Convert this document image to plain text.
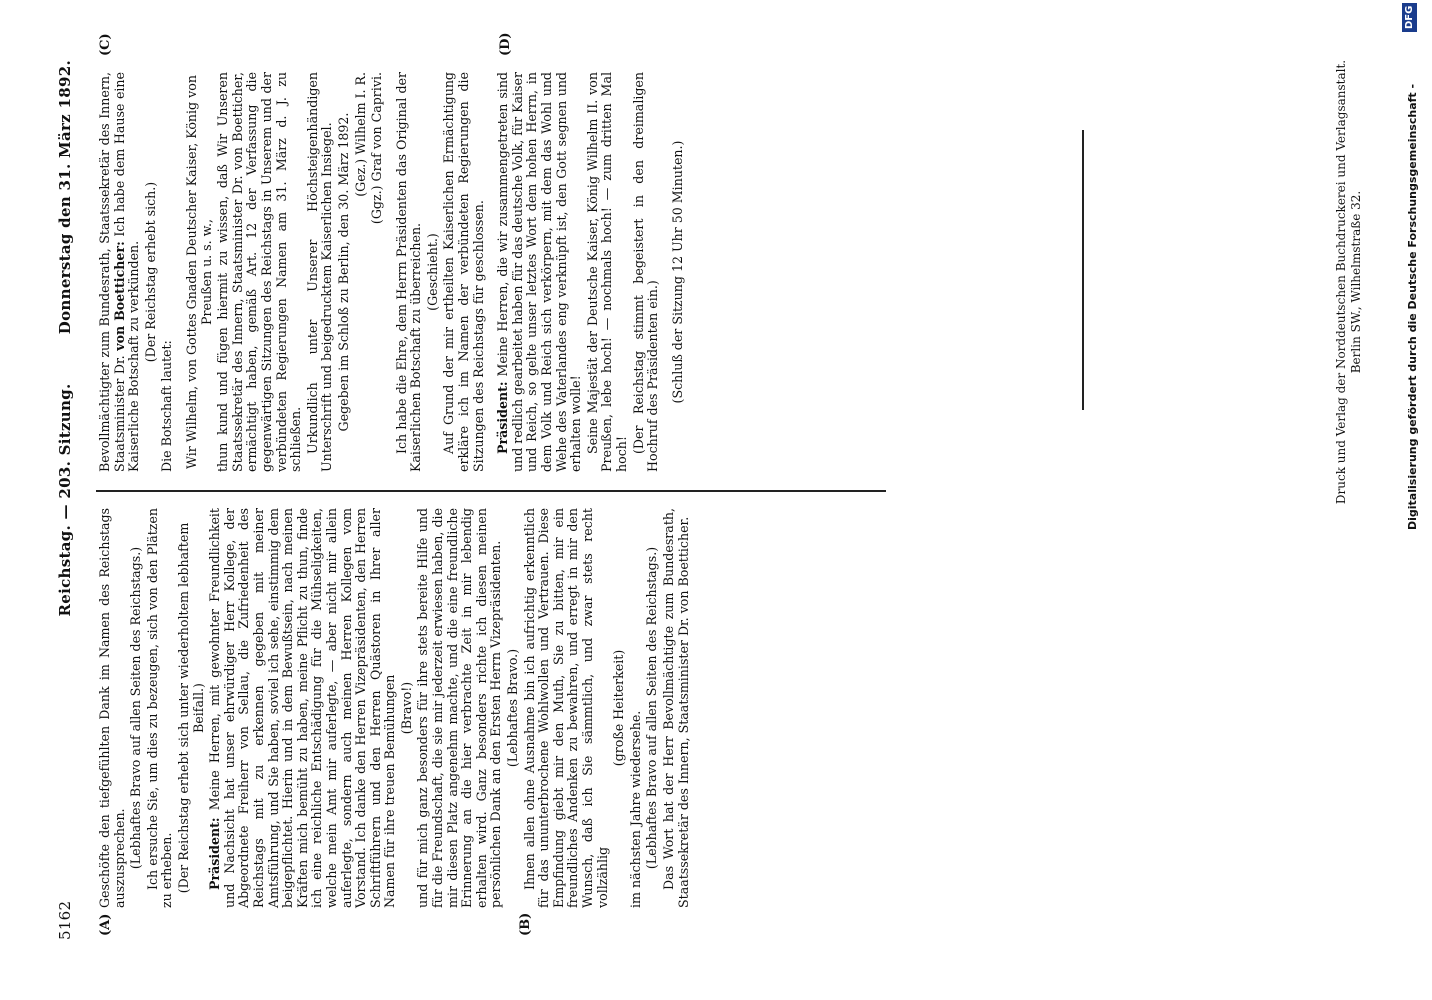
5162
Reichstag. — 203. Sitzung.
Donnerstag den 31. März 1892.
(A)	(B)
(C)	(D)

Geschöfte den tiefgefühlten Dank im Namen des Reichstags auszusprechen. (Lebhaftes Bravo auf allen Seiten des Reichstags.) Ich ersuche Sie, um dies zu bezeugen, sich von den Plätzen zu erheben. (Der Reichstag erhebt sich unter wiederholtem lebhaftem Beifall.)

Präsident: Meine Herren, mit gewohnter Freundlichkeit und Nachsicht hat unser ehrwürdiger Herr Kollege, der Abgeordnete Freiherr von Sellau, die Zufriedenheit des Reichstags mit zu erkennen gegeben mit meiner Amtsführung, und Sie haben, soviel ich sehe, einstimmig dem beigepflichtet. Hierin und in dem Bewußtsein, nach meinen Kräften mich bemüht zu haben, meine Pflicht zu thun, finde ich eine reichliche Entschädigung für die Mühseligkeiten, welche mein Amt mir auferlegte, — aber nicht mir allein auferlegte, sondern auch meinen Herren Kollegen vom Vorstand. Ich danke den Herren Vizepräsidenten, den Herren Schriftführern und den Herren Quästoren in Ihrer aller Namen für ihre treuen Bemühungen (Bravo!) und für mich ganz besonders für ihre stets bereite Hilfe und für die Freundschaft, die sie mir jederzeit erwiesen haben, die mir diesen Platz angenehm machte, und die eine freundliche Erinnerung an die hier verbrachte Zeit in mir lebendig erhalten wird. Ganz besonders richte ich diesen meinen persönlichen Dank an den Ersten Herrn Vizepräsidenten. (Lebhaftes Bravo.) Ihnen allen ohne Ausnahme bin ich aufrichtig erkenntlich für das ununterbrochene Wohlwollen und Vertrauen. Diese Empfindung giebt mir den Muth, Sie zu bitten, mir ein freundliches Andenken zu bewahren, und erregt in mir den Wunsch, daß ich Sie sämmtlich, und zwar stets recht vollzählig

(große Heiterkeit)

im nächsten Jahre wiedersehe. (Lebhaftes Bravo auf allen Seiten des Reichstags.) Das Wort hat der Herr Bevollmächtigte zum Bundesrath, Staatssekretär des Innern, Staatsminister Dr. von Boetticher.

Bevollmächtigter zum Bundesrath, Staatssekretär des Innern, Staatsminister Dr. von Boetticher: Ich habe dem Hause eine Kaiserliche Botschaft zu verkünden. (Der Reichstag erhebt sich.)

Die Botschaft lautet: Wir Wilhelm, von Gottes Gnaden Deutscher Kaiser, König von Preußen u. s. w., thun kund und fügen hiermit zu wissen, daß Wir Unseren Staatssekretär des Innern, Staatsminister Dr. von Boetticher, ermächtigt haben, gemäß Art. 12 der Verfassung die gegenwärtigen Sitzungen des Reichstags in Unserem und der verbündeten Regierungen Namen am 31. März d. J. zu schließen. Urkundlich unter Unserer Höchsteigenhändigen Unterschrift und beigedrucktem Kaiserlichen Insiegel. Gegeben im Schloß zu Berlin, den 30. März 1892. (Gez.) Wilhelm I. R. (Ggz.) Graf von Caprivi. Ich habe die Ehre, dem Herrn Präsidenten das Original der Kaiserlichen Botschaft zu überreichen. (Geschieht.) Auf Grund der mir ertheilten Kaiserlichen Ermächtigung erkläre ich im Namen der verbündeten Regierungen die Sitzungen des Reichstags für geschlossen. Präsident: Meine Herren, die wir zusammengetreten sind und redlich gearbeitet haben für das deutsche Volk, für Kaiser und Reich, so gelte unser letztes Wort dem hohen Herrn, in dem Volk und Reich sich verkörpern, mit dem das Wohl und Wehe des Vaterlandes eng verknüpft ist, den Gott segnen und erhalten wolle! Seine Majestät der Deutsche Kaiser, König Wilhelm II. von Preußen, lebe hoch! — nochmals hoch! — zum dritten Mal hoch!

(Der Reichstag stimmt begeistert in den dreimaligen Hochruf des Präsidenten ein.) (Schluß der Sitzung 12 Uhr 50 Minuten.)	Druck und Verlag der Norddeutschen Buchdruckerei und Verlagsanstalt. Berlin SW., Wilhelmstraße 32.	Digitalisierung gefördert durch die Deutsche Forschungsgemeinschaft -
DFG
